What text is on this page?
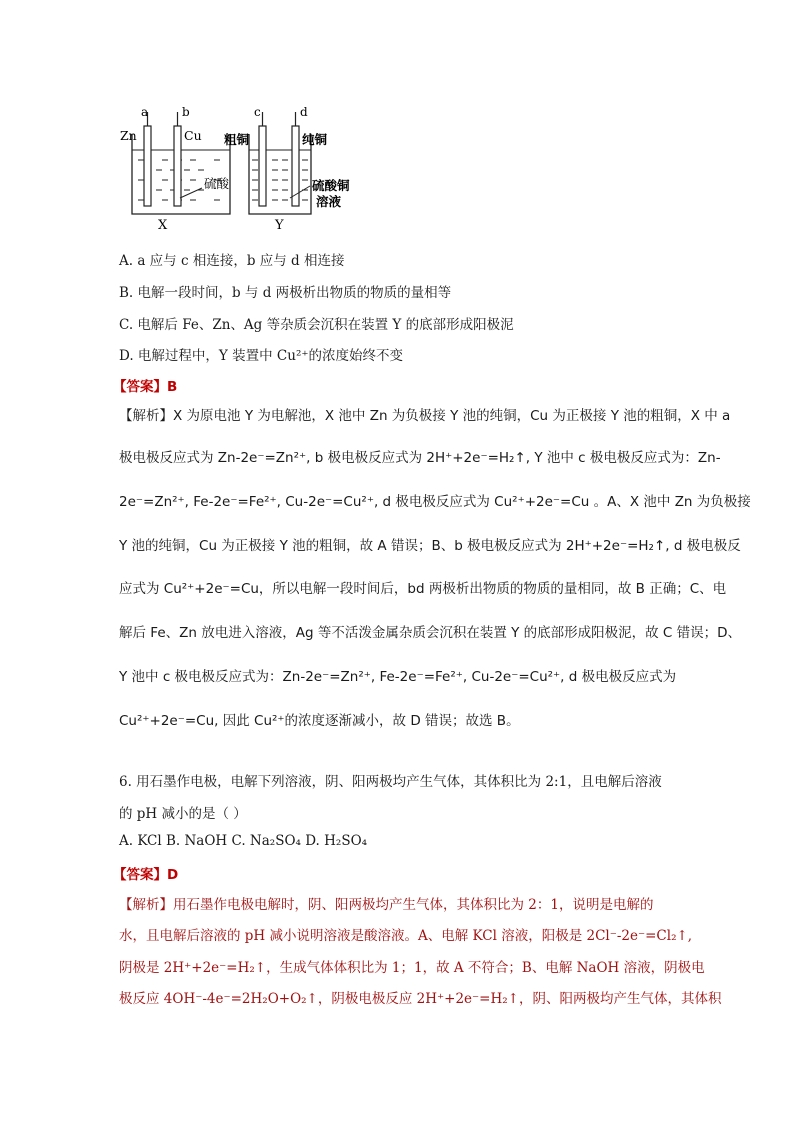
a	b
Zn	Cu
硫酸
X
c	d
粗铜	纯铜
硫酸铜
溶液
Y
A. a 应与 c 相连接，b 应与 d 相连接
B. 电解一段时间，b 与 d 两极析出物质的物质的量相等
C. 电解后 Fe、Zn、Ag 等杂质会沉积在装置 Y 的底部形成阳极泥
D. 电解过程中，Y 装置中 Cu²⁺的浓度始终不变
【答案】B
【解析】X 为原电池 Y 为电解池，X 池中 Zn 为负极接 Y 池的纯铜，Cu 为正极接 Y 池的粗铜，X 中 a
极电极反应式为 Zn-2e⁻=Zn²⁺, b 极电极反应式为 2H⁺+2e⁻=H₂↑, Y 池中 c 极电极反应式为：Zn-
2e⁻=Zn²⁺, Fe-2e⁻=Fe²⁺, Cu-2e⁻=Cu²⁺, d 极电极反应式为 Cu²⁺+2e⁻=Cu 。A、X 池中 Zn 为负极接
Y 池的纯铜，Cu 为正极接 Y 池的粗铜，故 A 错误；B、b 极电极反应式为 2H⁺+2e⁻=H₂↑, d 极电极反
应式为 Cu²⁺+2e⁻=Cu，所以电解一段时间后，bd 两极析出物质的物质的量相同，故 B 正确；C、电
解后 Fe、Zn 放电进入溶液，Ag 等不活泼金属杂质会沉积在装置 Y 的底部形成阳极泥，故 C 错误；D、
Y 池中 c 极电极反应式为：Zn-2e⁻=Zn²⁺, Fe-2e⁻=Fe²⁺, Cu-2e⁻=Cu²⁺, d 极电极反应式为
Cu²⁺+2e⁻=Cu, 因此 Cu²⁺的浓度逐渐减小，故 D 错误；故选 B。
6. 用石墨作电极，电解下列溶液，阴、阳两极均产生气体，其体积比为 2:1，且电解后溶液
的 pH 减小的是（ ）
A. KCl B. NaOH C. Na₂SO₄ D. H₂SO₄
【答案】D
【解析】用石墨作电极电解时，阴、阳两极均产生气体，其体积比为 2：1，说明是电解的
水，且电解后溶液的 pH 减小说明溶液是酸溶液。A、电解 KCl 溶液，阳极是 2Cl⁻-2e⁻=Cl₂↑,
阴极是 2H⁺+2e⁻=H₂↑，生成气体体积比为 1；1，故 A 不符合；B、电解 NaOH 溶液，阴极电
极反应 4OH⁻-4e⁻=2H₂O+O₂↑，阴极电极反应 2H⁺+2e⁻=H₂↑，阴、阳两极均产生气体，其体积
